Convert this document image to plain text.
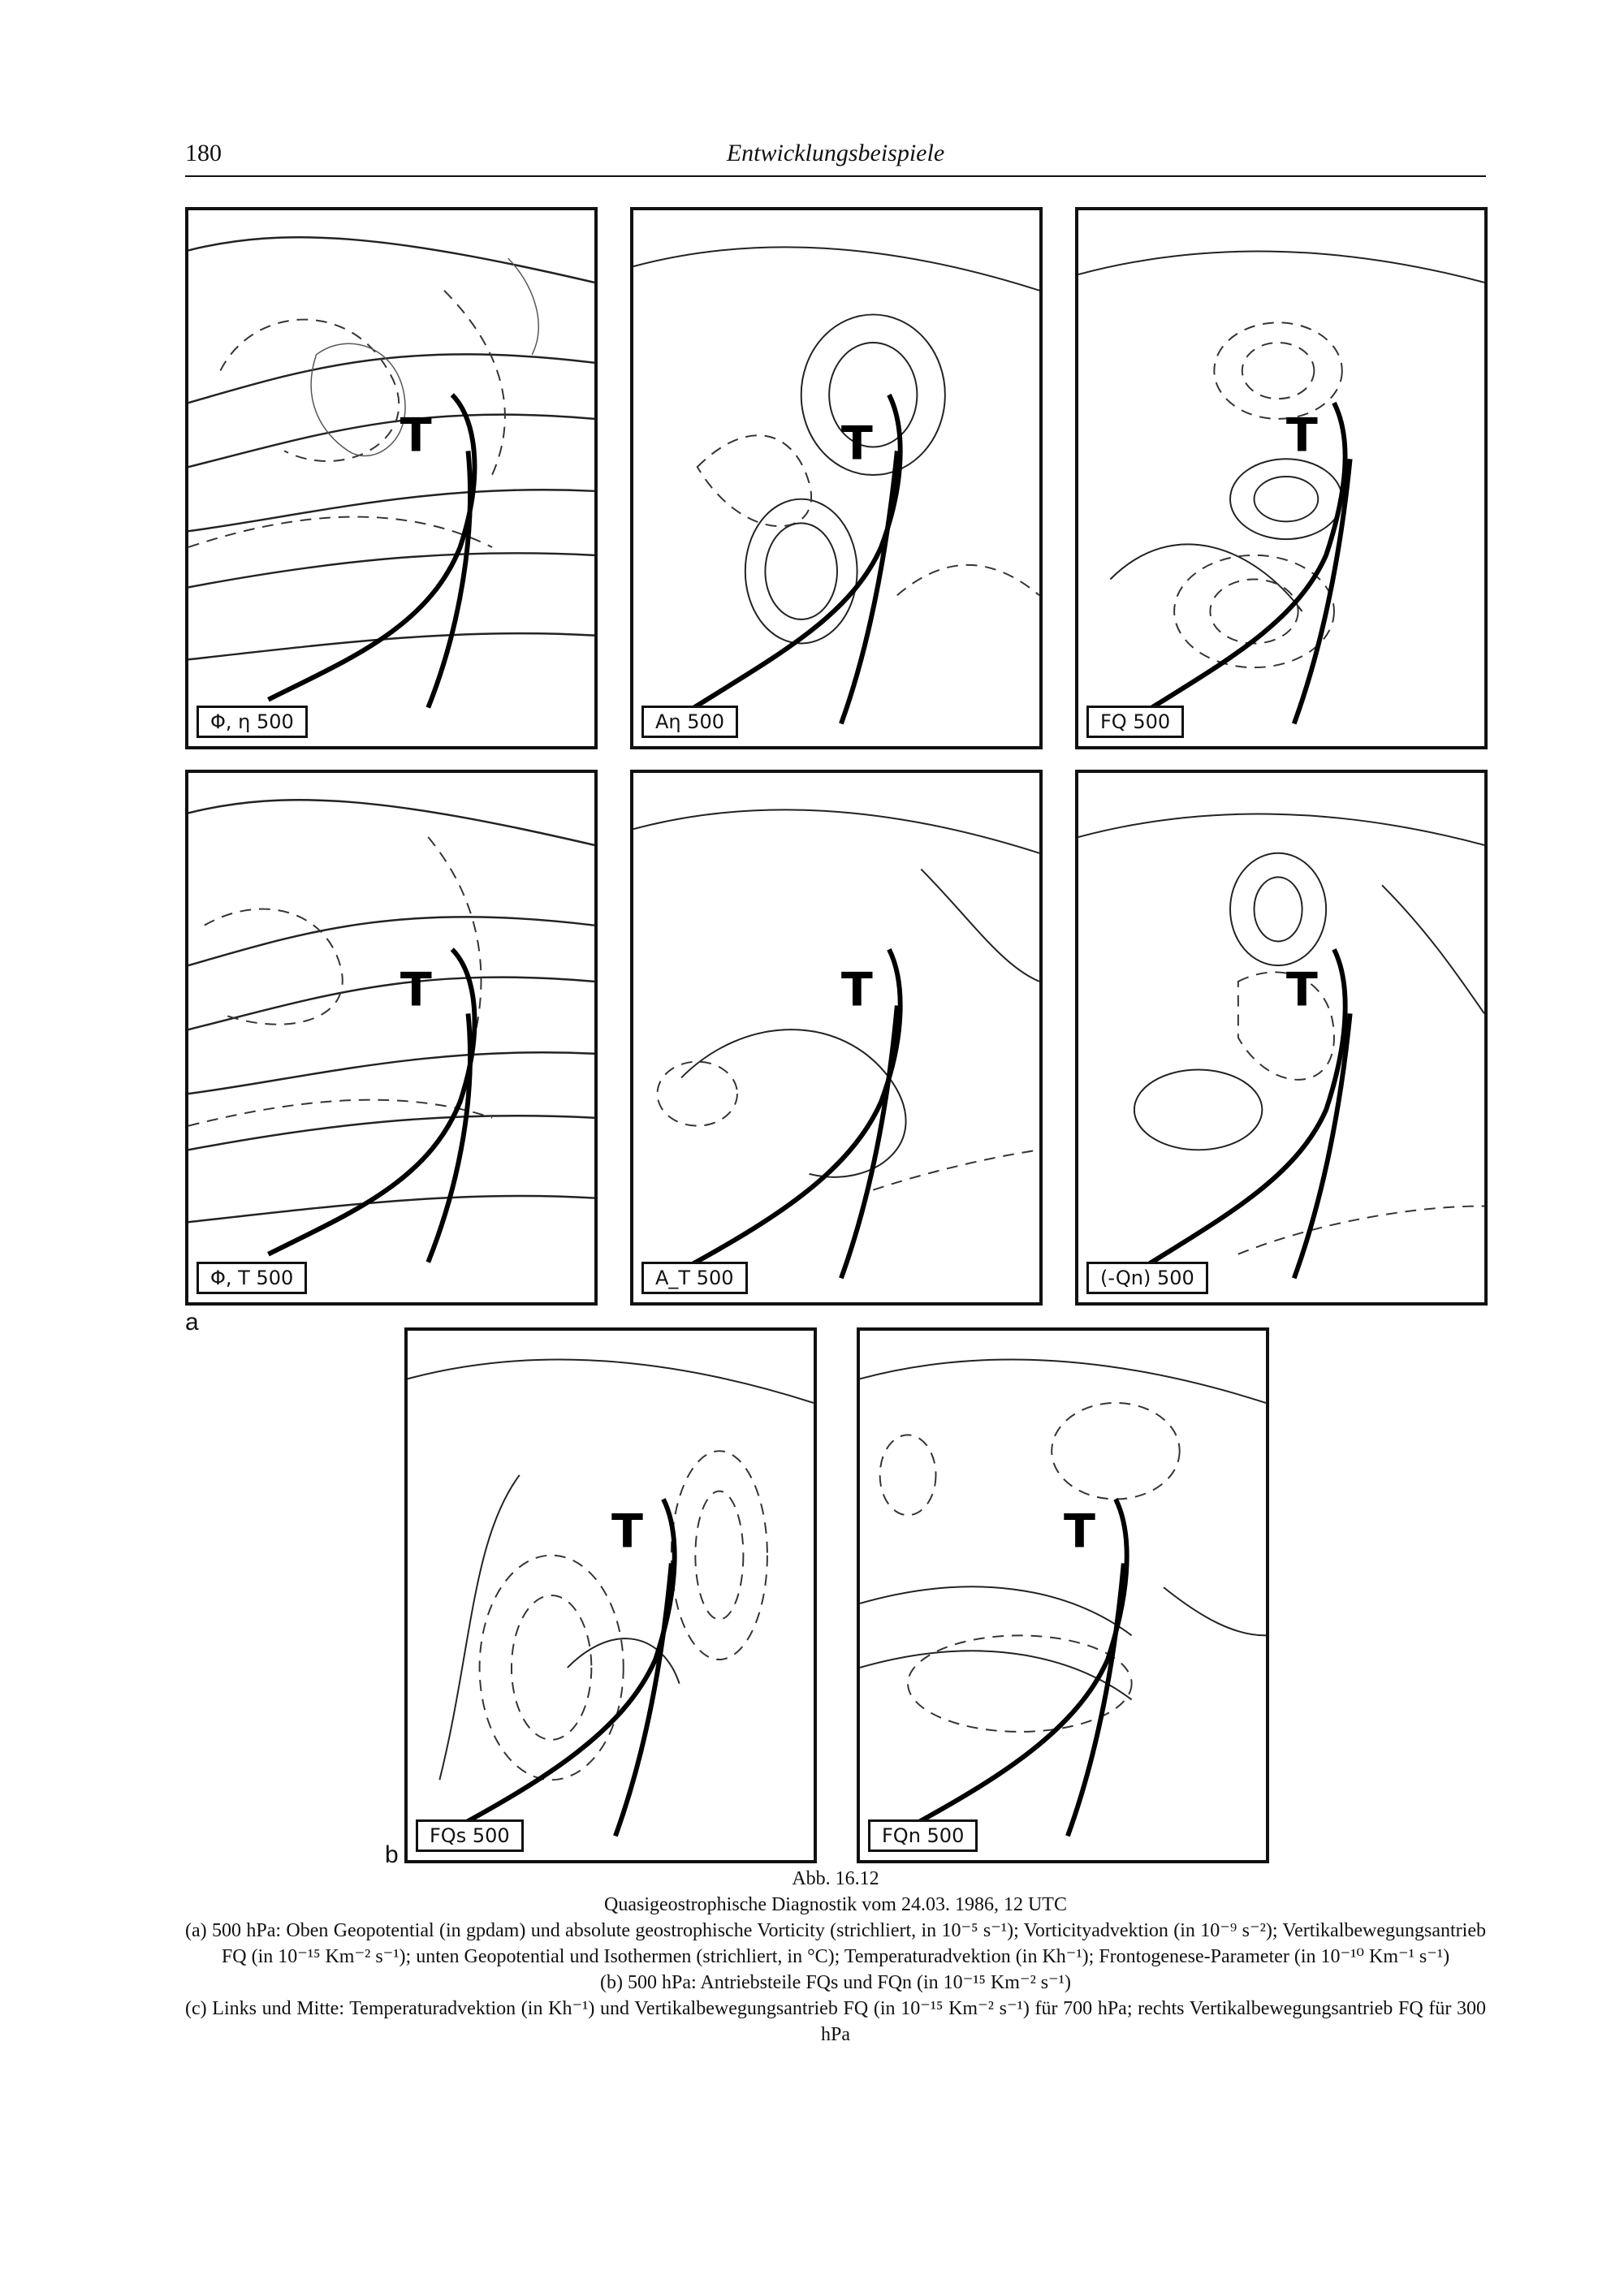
180	Entwicklungsbeispiele
T
Φ, η 500
T
Aη 500
T
FQ 500
T
Φ, T 500
T
A_T 500
T
(-Qn) 500
a
T
FQs 500
T
FQn 500
b

Abb. 16.12

Quasigeostrophische Diagnostik vom 24.03. 1986, 12 UTC

(a) 500 hPa: Oben Geopotential (in gpdam) und absolute geostrophische Vorticity (strichliert, in 10⁻⁵ s⁻¹); Vorticityadvektion (in 10⁻⁹ s⁻²); Vertikalbewegungsantrieb FQ (in 10⁻¹⁵ Km⁻² s⁻¹); unten Geopotential und Isothermen (strichliert, in °C); Temperaturadvektion (in Kh⁻¹); Frontogenese-Parameter (in 10⁻¹⁰ Km⁻¹ s⁻¹)

(b) 500 hPa: Antriebsteile FQs und FQn (in 10⁻¹⁵ Km⁻² s⁻¹)

(c) Links und Mitte: Temperaturadvektion (in Kh⁻¹) und Vertikalbewegungsantrieb FQ (in 10⁻¹⁵ Km⁻² s⁻¹) für 700 hPa; rechts Vertikalbewegungsantrieb FQ für 300 hPa
